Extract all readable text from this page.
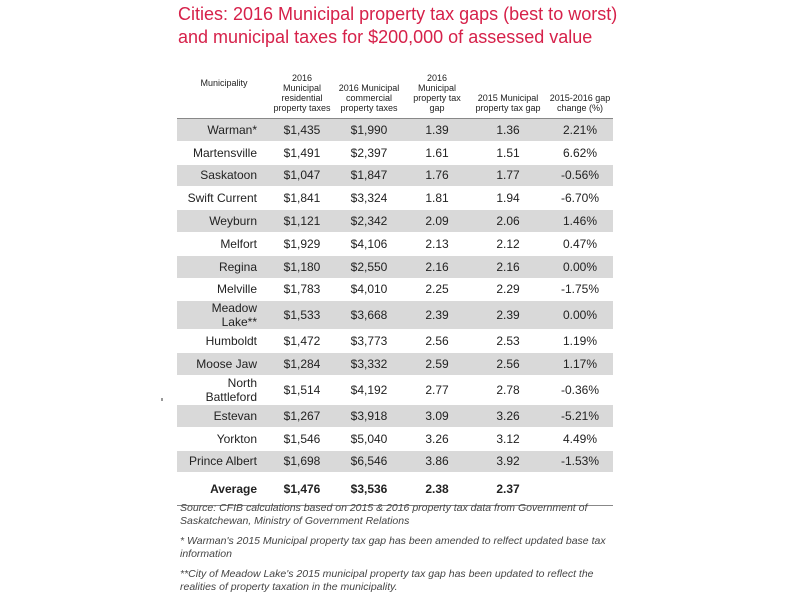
Cities: 2016 Municipal property tax gaps (best to worst)
and municipal taxes for $200,000 of assessed value
Municipality	2016 Municipal residential property taxes	2016 Municipal commercial property taxes	2016 Municipal property tax gap	2015 Municipal property tax gap	2015-2016 gap change (%)

Warman*	$1,435	$1,990	1.39	1.36	2.21%
Martensville	$1,491	$2,397	1.61	1.51	6.62%
Saskatoon	$1,047	$1,847	1.76	1.77	-0.56%
Swift Current	$1,841	$3,324	1.81	1.94	-6.70%
Weyburn	$1,121	$2,342	2.09	2.06	1.46%
Melfort	$1,929	$4,106	2.13	2.12	0.47%
Regina	$1,180	$2,550	2.16	2.16	0.00%
Melville	$1,783	$4,010	2.25	2.29	-1.75%
Meadow Lake**	$1,533	$3,668	2.39	2.39	0.00%
Humboldt	$1,472	$3,773	2.56	2.53	1.19%
Moose Jaw	$1,284	$3,332	2.59	2.56	1.17%
North Battleford	$1,514	$4,192	2.77	2.78	-0.36%
Estevan	$1,267	$3,918	3.09	3.26	-5.21%
Yorkton	$1,546	$5,040	3.26	3.12	4.49%
Prince Albert	$1,698	$6,546	3.86	3.92	-1.53%
Average	$1,476	$3,536	2.38	2.37	

Source: CFIB calculations based on 2015 & 2016 property tax data from Government of Saskatchewan, Ministry of Government Relations

* Warman's 2015 Municipal property tax gap has been amended to relfect updated base tax information

**City of Meadow Lake's 2015 municipal property tax gap has been updated to reflect the realities of property taxation in the municipality.
